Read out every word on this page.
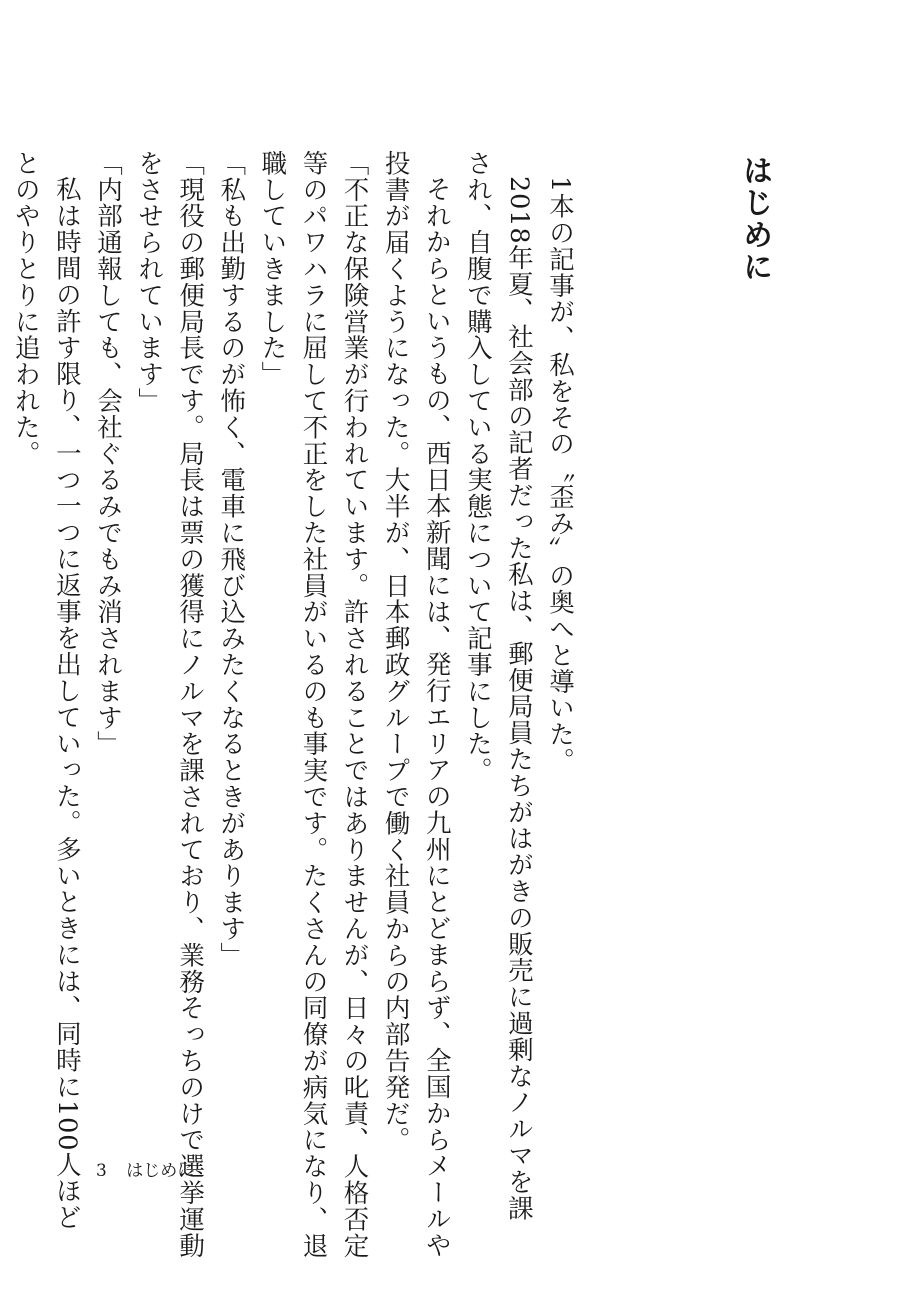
はじめに

1本の記事が、私をその〝歪み〟の奥へと導いた。

2018年夏、社会部の記者だった私は、郵便局員たちがはがきの販売に過剰なノルマを課

され、自腹で購入している実態について記事にした。

それからというもの、西日本新聞には、発行エリアの九州にとどまらず、全国からメールや

投書が届くようになった。大半が、日本郵政グループで働く社員からの内部告発だ。

「不正な保険営業が行われています。許されることではありませんが、日々の叱責、人格否定

等のパワハラに屈して不正をした社員がいるのも事実です。たくさんの同僚が病気になり、退

職していきました」

「私も出勤するのが怖く、電車に飛び込みたくなるときがあります」

「現役の郵便局長です。局長は票の獲得にノルマを課されており、業務そっちのけで選挙運動

をさせられています」

「内部通報しても、会社ぐるみでもみ消されます」

私は時間の許す限り、一つ一つに返事を出していった。多いときには、同時に100人ほど

とのやりとりに追われた。

3 はじめに
